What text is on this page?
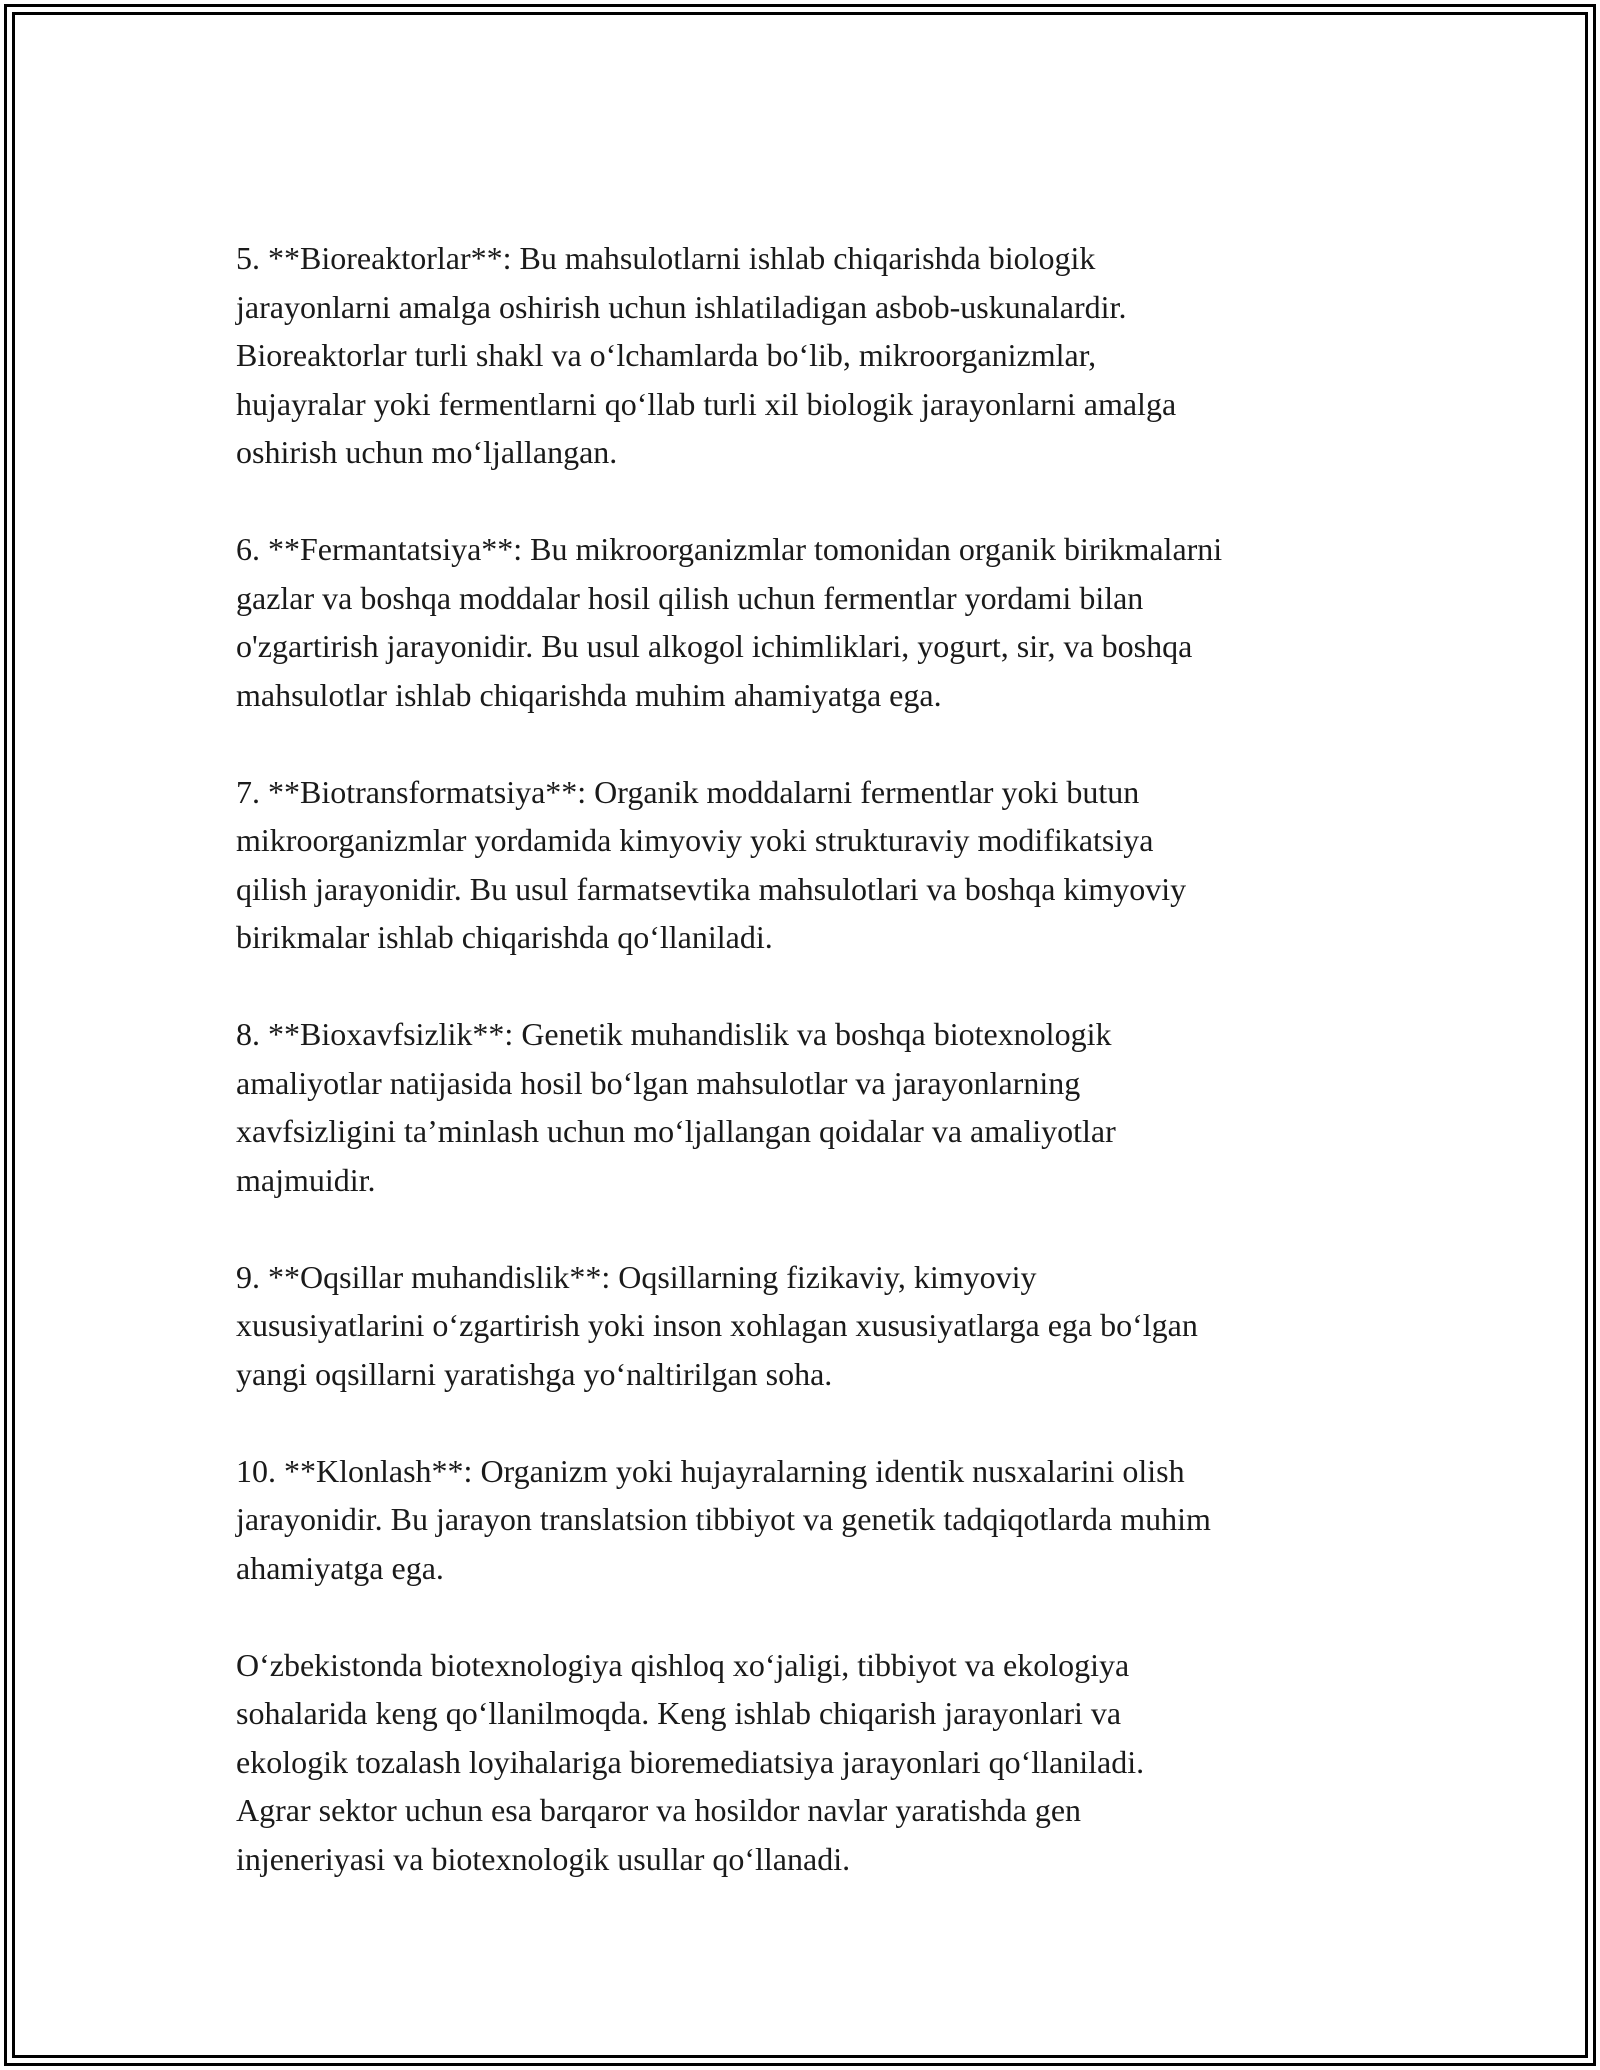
5. **Bioreaktorlar**: Bu mahsulotlarni ishlab chiqarishda biologik
jarayonlarni amalga oshirish uchun ishlatiladigan asbob-uskunalardir.
Bioreaktorlar turli shakl va o‘lchamlarda bo‘lib, mikroorganizmlar,
hujayralar yoki fermentlarni qo‘llab turli xil biologik jarayonlarni amalga
oshirish uchun mo‘ljallangan.

6. **Fermantatsiya**: Bu mikroorganizmlar tomonidan organik birikmalarni
gazlar va boshqa moddalar hosil qilish uchun fermentlar yordami bilan
o'zgartirish jarayonidir. Bu usul alkogol ichimliklari, yogurt, sir, va boshqa
mahsulotlar ishlab chiqarishda muhim ahamiyatga ega.

7. **Biotransformatsiya**: Organik moddalarni fermentlar yoki butun
mikroorganizmlar yordamida kimyoviy yoki strukturaviy modifikatsiya
qilish jarayonidir. Bu usul farmatsevtika mahsulotlari va boshqa kimyoviy
birikmalar ishlab chiqarishda qo‘llaniladi.

8. **Bioxavfsizlik**: Genetik muhandislik va boshqa biotexnologik
amaliyotlar natijasida hosil bo‘lgan mahsulotlar va jarayonlarning
xavfsizligini ta’minlash uchun mo‘ljallangan qoidalar va amaliyotlar
majmuidir.

9. **Oqsillar muhandislik**: Oqsillarning fizikaviy, kimyoviy
xususiyatlarini o‘zgartirish yoki inson xohlagan xususiyatlarga ega bo‘lgan
yangi oqsillarni yaratishga yo‘naltirilgan soha.

10. **Klonlash**: Organizm yoki hujayralarning identik nusxalarini olish
jarayonidir. Bu jarayon translatsion tibbiyot va genetik tadqiqotlarda muhim
ahamiyatga ega.

O‘zbekistonda biotexnologiya qishloq xo‘jaligi, tibbiyot va ekologiya
sohalarida keng qo‘llanilmoqda. Keng ishlab chiqarish jarayonlari va
ekologik tozalash loyihalariga bioremediatsiya jarayonlari qo‘llaniladi.
Agrar sektor uchun esa barqaror va hosildor navlar yaratishda gen
injeneriyasi va biotexnologik usullar qo‘llanadi.
